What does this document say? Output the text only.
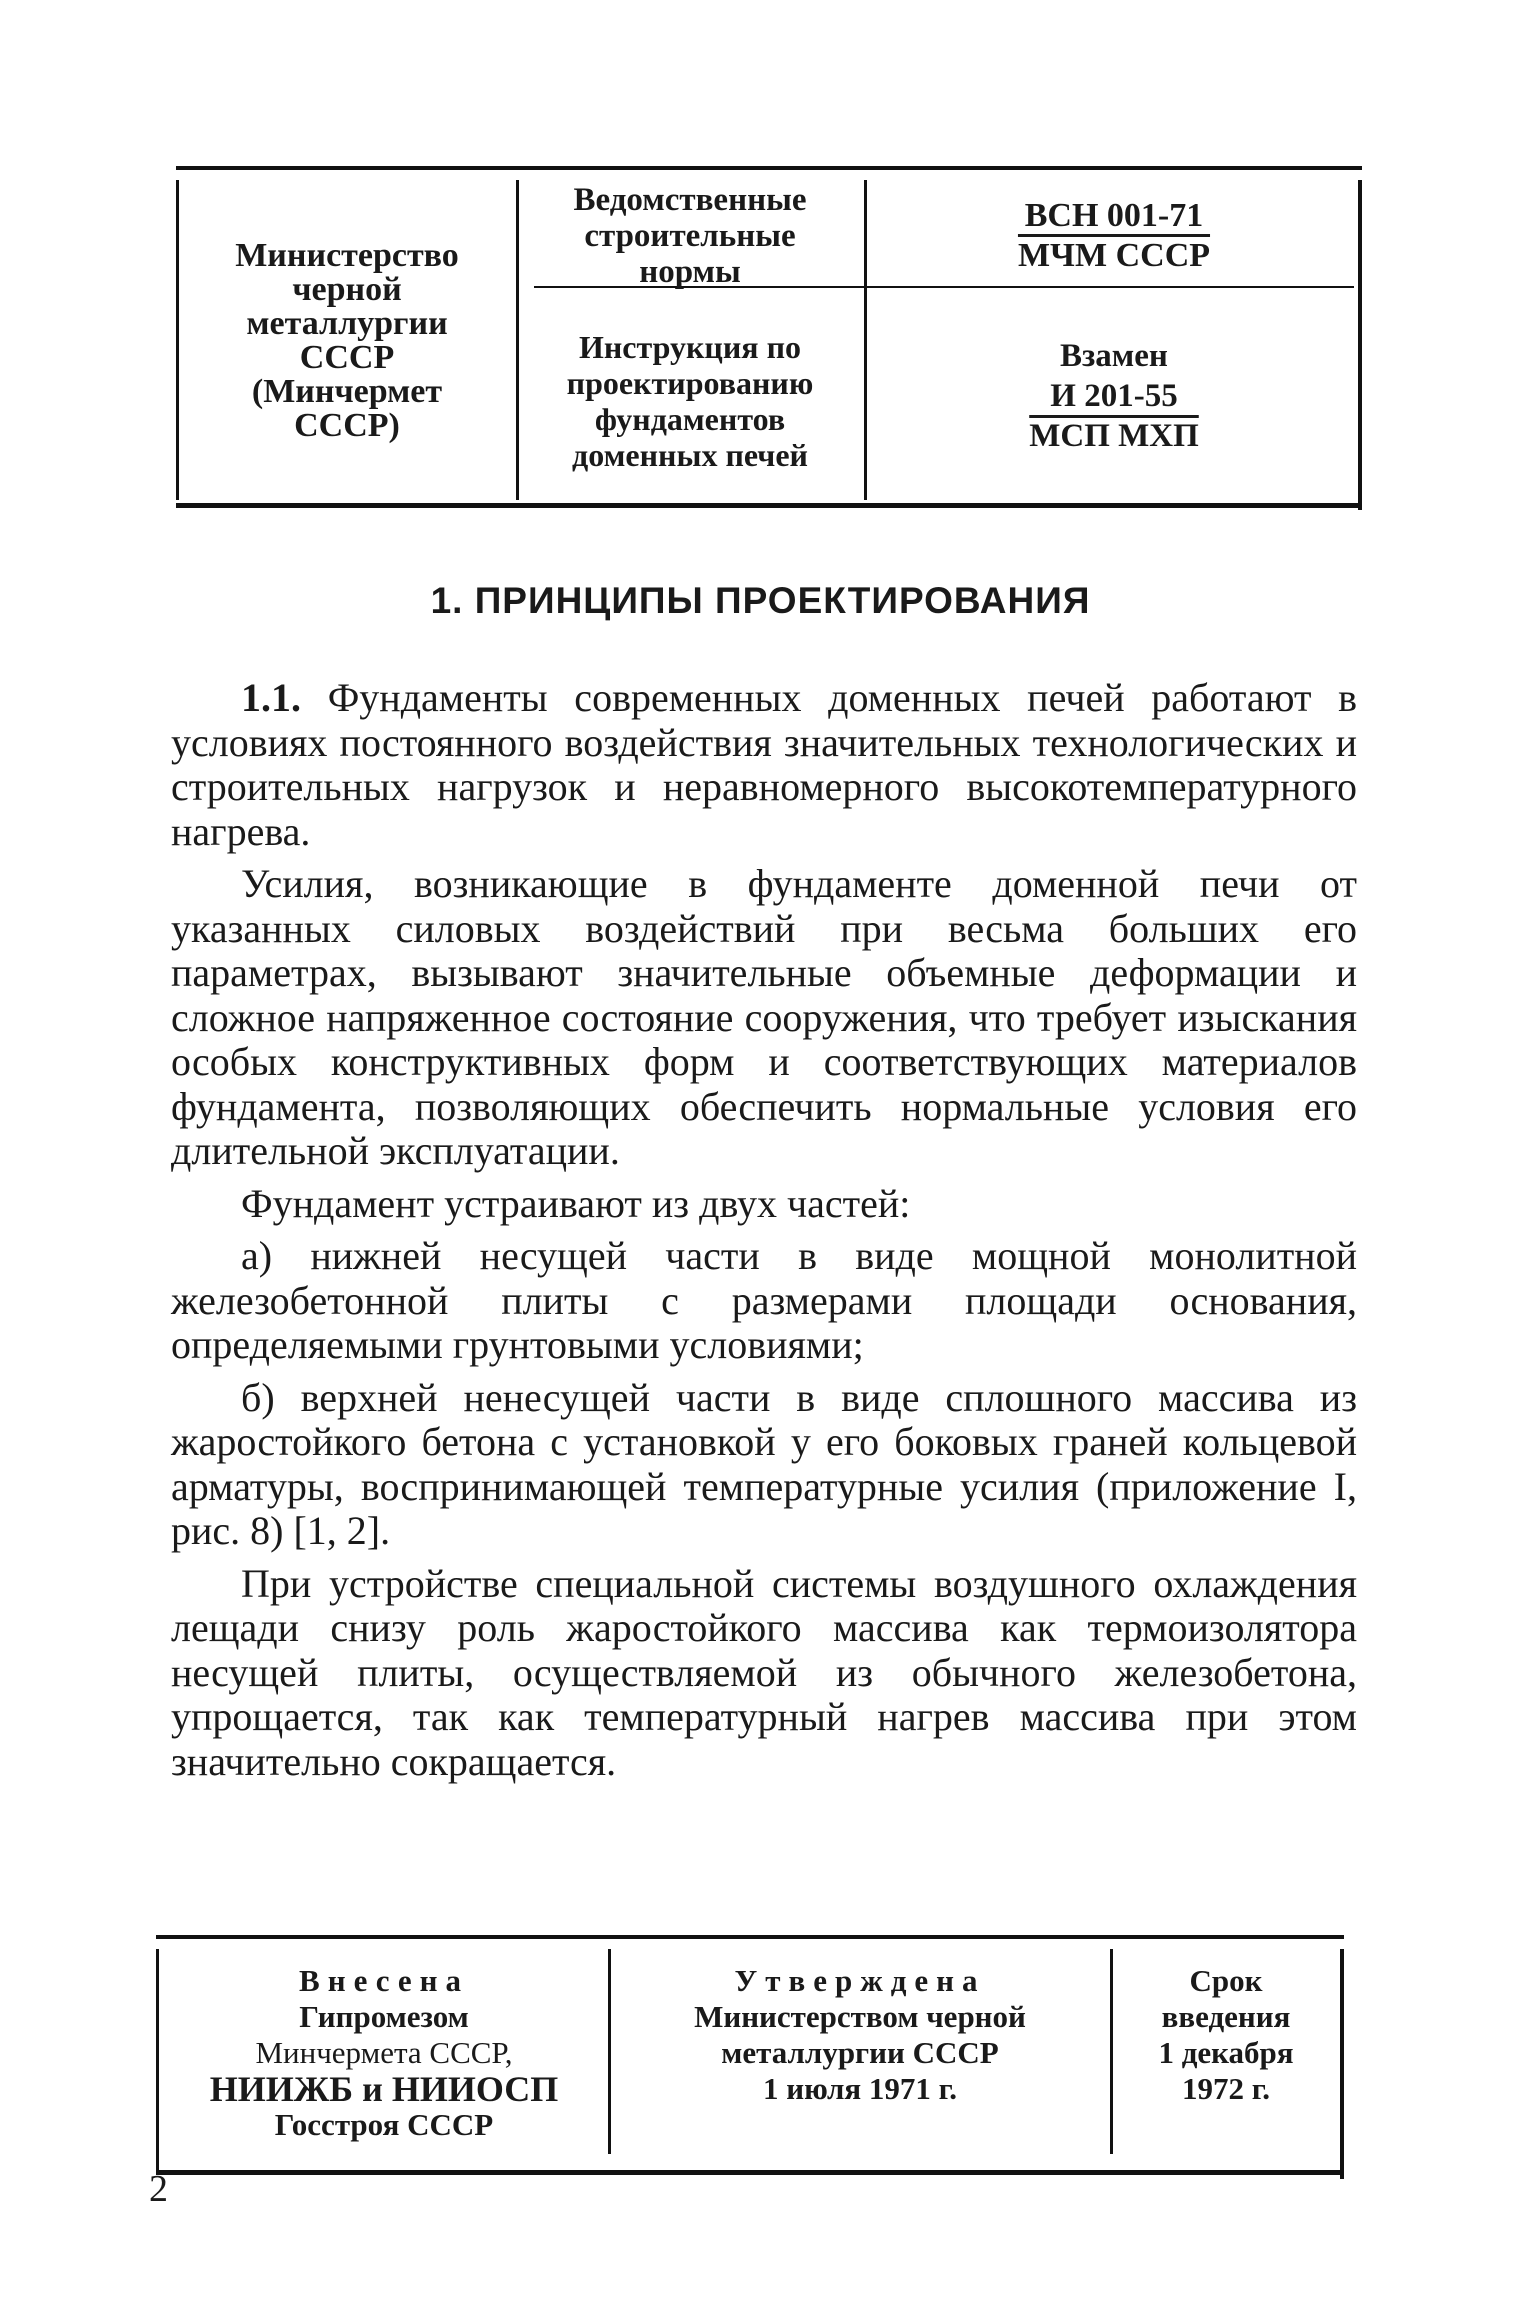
Министерство
черной
металлургии
СССР
(Минчермет
СССР)
Ведомственные строительные нормы
ВСН 001-71
МЧМ СССР
Инструкция по проектированию фундаментов доменных печей
Взамен
И 201-55
МСП МХП
1. ПРИНЦИПЫ ПРОЕКТИРОВАНИЯ

1.1. Фундаменты современных доменных печей работают в условиях постоянного воздействия значительных технологических и строительных нагрузок и неравномерного высокотемпературного нагрева.

Усилия, возникающие в фундаменте доменной печи от указанных силовых воздействий при весьма больших его параметрах, вызывают значительные объемные деформации и сложное напряженное состояние сооружения, что требует изыскания особых конструктивных форм и соответствующих материалов фундамента, позволяющих обеспечить нормальные условия его длительной эксплуатации.

Фундамент устраивают из двух частей:

а) нижней несущей части в виде мощной монолитной железобетонной плиты с размерами площади основания, определяемыми грунтовыми условиями;

б) верхней ненесущей части в виде сплошного массива из жаростойкого бетона с установкой у его боковых граней кольцевой арматуры, воспринимающей температурные усилия (приложение I, рис. 8) [1, 2].

При устройстве специальной системы воздушного охлаждения лещади снизу роль жаростойкого массива как термоизолятора несущей плиты, осуществляемой из обычного железобетона, упрощается, так как температурный нагрев массива при этом значительно сокращается.

Внесена
Гипромезом
Минчермета СССР,
НИИЖБ и НИИОСП
Госстроя СССР
Утверждена
Министерством черной
металлургии СССР
1 июля 1971 г.
Срок
введения
1 декабря
1972 г.
2
